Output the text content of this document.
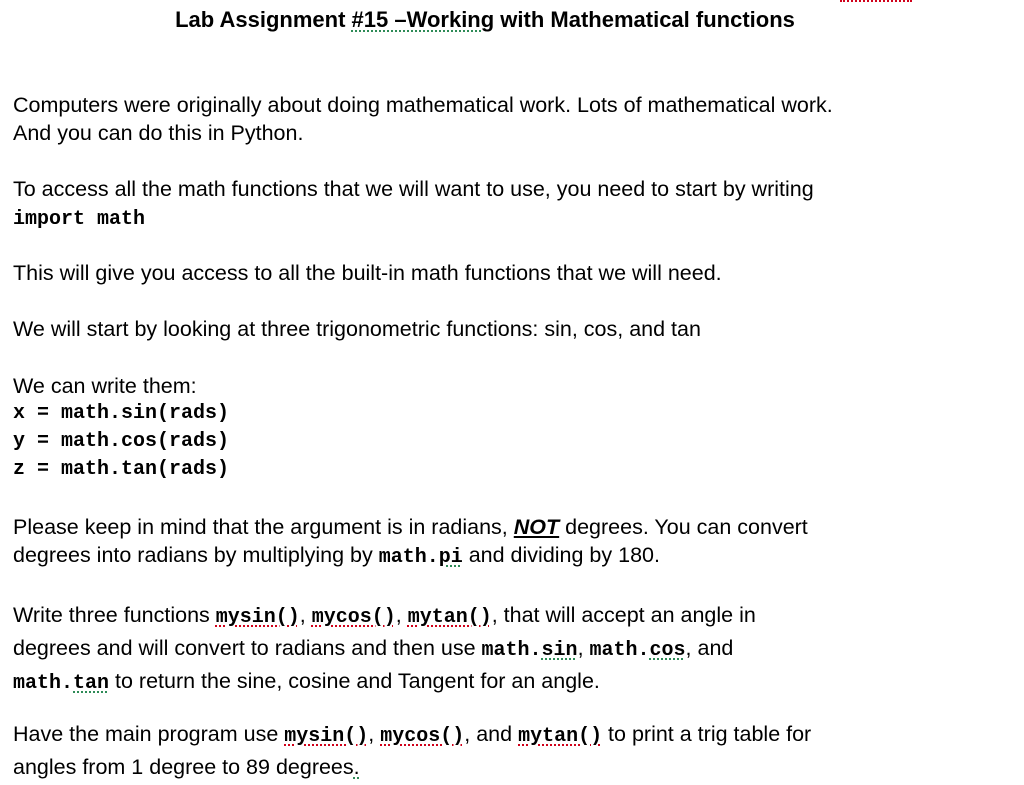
Lab Assignment #15 –Working with Mathematical functions

Computers were originally about doing mathematical work. Lots of mathematical work.
And you can do this in Python.

To access all the math functions that we will want to use, you need to start by writing
import math

This will give you access to all the built-in math functions that we will need.

We will start by looking at three trigonometric functions: sin, cos, and tan

We can write them:

x = math.sin(rads)
y = math.cos(rads)
z = math.tan(rads)

Please keep in mind that the argument is in radians, NOT degrees. You can convert
degrees into radians by multiplying by math.pi and dividing by 180.

Write three functions mysin(), mycos(), mytan(), that will accept an angle in
degrees and will convert to radians and then use math.sin, math.cos, and
math.tan to return the sine, cosine and Tangent for an angle.

Have the main program use mysin(), mycos(), and mytan() to print a trig table for
angles from 1 degree to 89 degrees.
